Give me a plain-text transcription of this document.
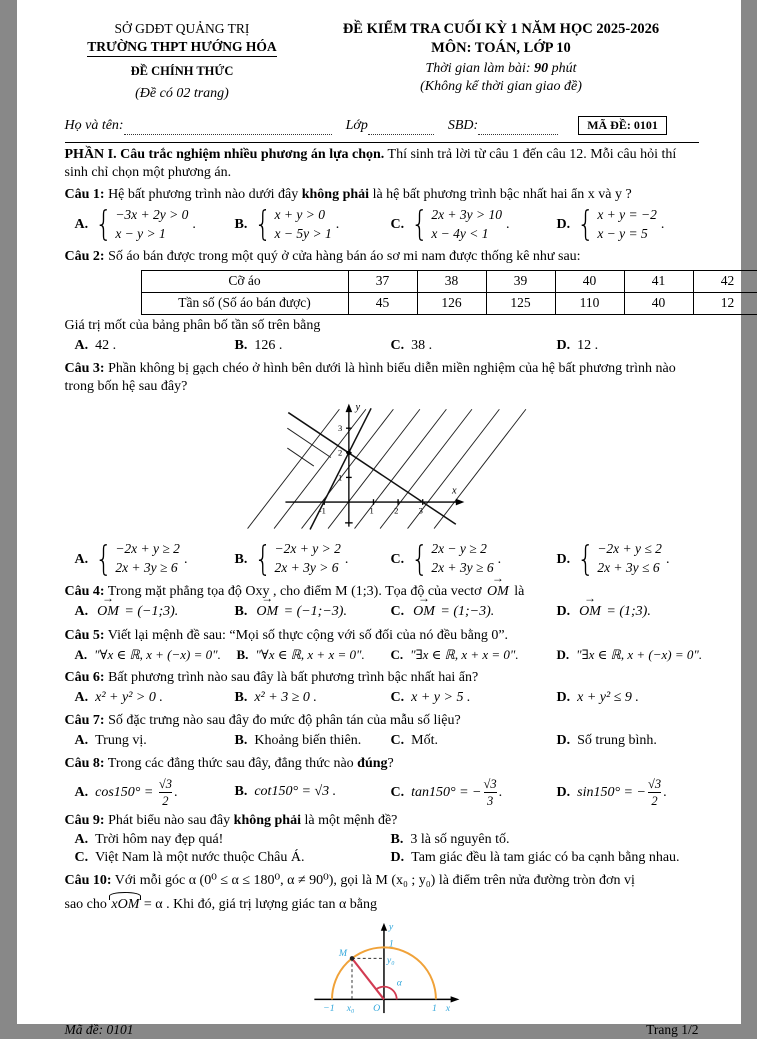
SỞ GDĐT QUẢNG TRỊ
TRƯỜNG THPT HƯỚNG HÓA
ĐỀ CHÍNH THỨC
(Đề có 02 trang)
ĐỀ KIỂM TRA CUỐI KỲ 1 NĂM HỌC 2025-2026
MÔN: TOÁN, LỚP 10
Thời gian làm bài: 90 phút
(Không kể thời gian giao đề)
Họ và tên:	Lớp	SBD:	MÃ ĐỀ: 0101
PHẦN I. Câu trắc nghiệm nhiều phương án lựa chọn. Thí sinh trả lời từ câu 1 đến câu 12. Mỗi câu hỏi thí sinh chỉ chọn một phương án.
Câu 1: Hệ bất phương trình nào dưới đây không phải là hệ bất phương trình bậc nhất hai ẩn x và y ?
A.
{ −3x + 2y > 0
x − y > 1
.	B.
{ x + y > 0
x − 5y > 1
.	C.
{ 2x + 3y > 10
x − 4y < 1
.	D.
{ x + y = −2
x − y = 5
.
Câu 2: Số áo bán được trong một quý ở cửa hàng bán áo sơ mi nam được thống kê như sau:
Cỡ áo	37	38	39	40	41	42
Tần số (Số áo bán được)	45	126	125	110	40	12
Giá trị mốt của bảng phân bố tần số trên bằng
A. 42 .	B. 126 .	C. 38 .	D. 12 .
Câu 3: Phần không bị gạch chéo ở hình bên dưới là hình biểu diễn miền nghiệm của hệ bất phương trình nào trong bốn hệ sau đây?
x
y
-1	1 2 3
1
2
3
A.
{ −2x + y ≥ 2
2x + 3y ≥ 6
.	B.
{ −2x + y > 2
2x + 3y > 6
.	C.
{ 2x − y ≥ 2
2x + 3y ≥ 6
.	D.
{ −2x + y ≤ 2
2x + 3y ≤ 6
.
Câu 4: Trong mặt phẳng tọa độ Oxy , cho điểm M (1;3). Tọa độ của vectơ OM → là
A. OM → = (−1;3).	B. OM → = (−1;−3).	C. OM → = (1;−3).	D. OM → = (1;3).
Câu 5: Viết lại mệnh đề sau: “Mọi số thực cộng với số đối của nó đều bằng 0”.
A. "∀x ∈ ℝ, x + (−x) = 0".	B. "∀x ∈ ℝ, x + x = 0".	C. "∃x ∈ ℝ, x + x = 0".	D. "∃x ∈ ℝ, x + (−x) = 0".
Câu 6: Bất phương trình nào sau đây là bất phương trình bậc nhất hai ẩn?
A. x² + y² > 0 .	B. x² + 3 ≥ 0 .	C. x + y > 5 .	D. x + y² ≤ 9 .
Câu 7: Số đặc trưng nào sau đây đo mức độ phân tán của mẫu số liệu?
A. Trung vị.	B. Khoảng biến thiên.	C. Mốt.	D. Số trung bình.
Câu 8: Trong các đẳng thức sau đây, đẳng thức nào đúng?
A. $\cos 150^\circ = \frac{√3}{2}$ .	B. cot150° = √3 .	C. tan150° = − $\frac{√3}{3}$ .	D. sin150° = − $\frac{√3}{2}$ .
Câu 9: Phát biểu nào sau đây không phải là một mệnh đề?
A. Trời hôm nay đẹp quá!	B. 3 là số nguyên tố.
C. Việt Nam là một nước thuộc Châu Á.	D. Tam giác đều là tam giác có ba cạnh bằng nhau.
Câu 10: Với mỗi góc α (0⁰ ≤ α ≤ 180⁰, α ≠ 90⁰), gọi là M (x₀ ; y₀) là điểm trên nửa đường tròn đơn vị
sao cho xOM = α . Khi đó, giá trị lượng giác tan α bằng
y
1
M
y₀
α
−1 x₀ O	1 x
Mã đề: 0101	Trang 1/2
